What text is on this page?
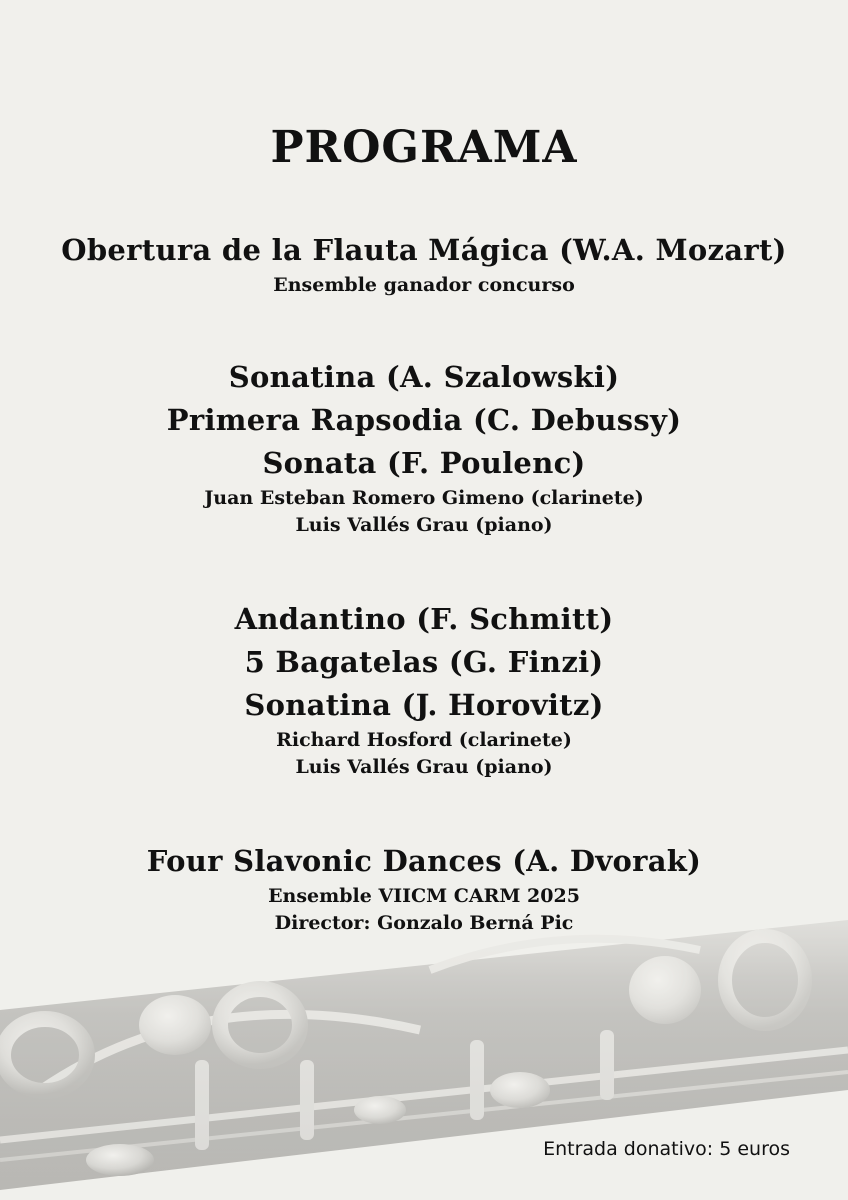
PROGRAMA
Obertura de la Flauta Mágica (W.A. Mozart)
Ensemble ganador concurso
Sonatina (A. Szalowski)
Primera Rapsodia (C. Debussy)
Sonata (F. Poulenc)
Juan Esteban Romero Gimeno (clarinete)
Luis Vallés Grau (piano)
Andantino (F. Schmitt)
5 Bagatelas (G. Finzi)
Sonatina (J. Horovitz)
Richard Hosford (clarinete)
Luis Vallés Grau (piano)
Four Slavonic Dances (A. Dvorak)
Ensemble VIICM CARM 2025
Director: Gonzalo Berná Pic
Entrada donativo: 5 euros
